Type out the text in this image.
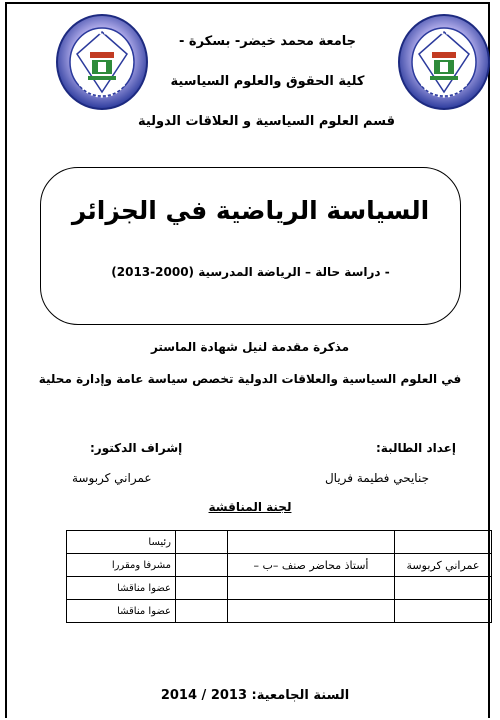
جامعة محمد خيضر- بسكرة -
كلية الحقوق والعلوم السياسية
قسم العلوم السياسية و العلاقات الدولية
السياسة الرياضية في الجزائر
- دراسة حالة – الرياضة المدرسية (2000-2013)
مذكرة مقدمة لنيل شهادة الماستر
في العلوم السياسية والعلاقات الدولية تخصص سياسة عامة وإدارة محلية
إعداد الطالبة:
إشراف الدكتور:
جنايحي فطيمة فريال
عمراني كربوسة
لجنة المناقشة
			رئيسا
عمراني كربوسة	أستاذ محاضر صنف –ب –		مشرفا ومقررا
			عضوا مناقشا
			عضوا مناقشا
السنة الجامعية: 2013 / 2014
